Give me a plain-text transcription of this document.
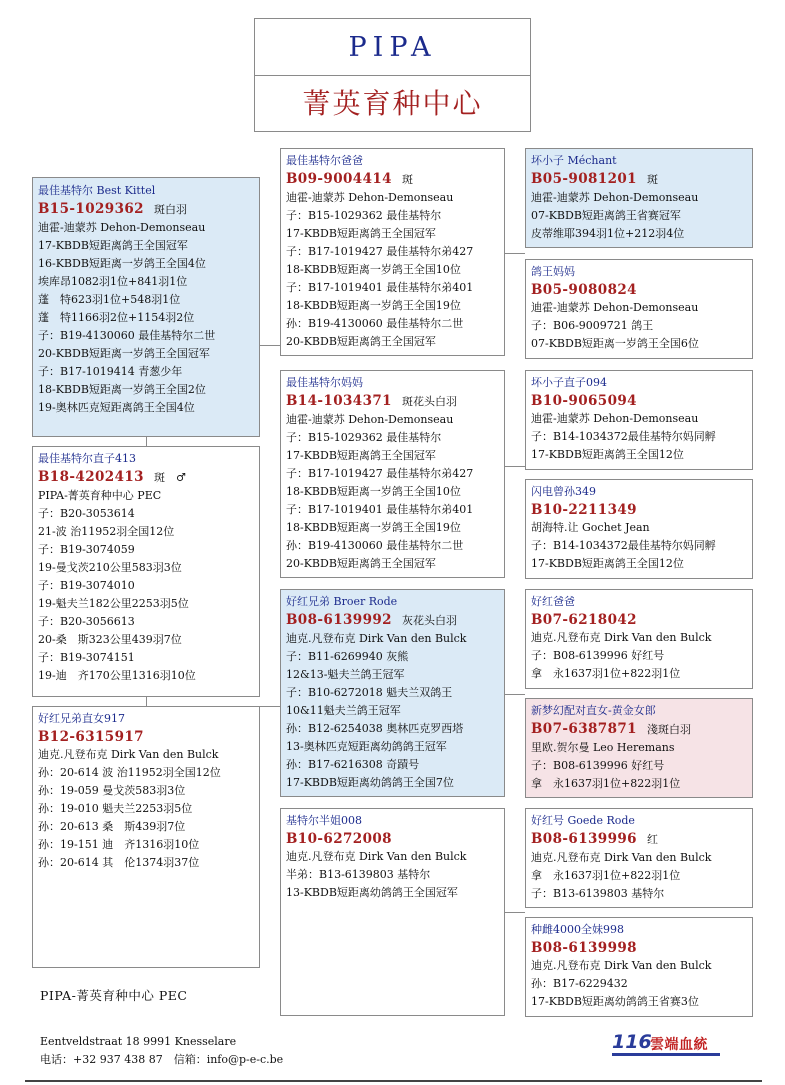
PIPA
菁英育种中心
最佳基特尔 Best Kittel
B15-1029362 斑白羽
迪霍-迪蒙苏 Dehon-Demonseau
17-KBDB短距离鸽王全国冠军
16-KBDB短距离一岁鸽王全国4位
埃库昂1082羽1位+841羽1位
蓬　特623羽1位+548羽1位
蓬　特1166羽2位+1154羽2位
子：B19-4130060 最佳基特尔二世
20-KBDB短距离一岁鸽王全国冠军
子：B17-1019414 青葱少年
18-KBDB短距离一岁鸽王全国2位
19-奥林匹克短距离鸽王全国4位
最佳基特尔直子413
B18-4202413 斑　♂
PIPA-菁英育种中心 PEC
子：B20-3053614
21-波 治11952羽全国12位
子：B19-3074059
19-曼戈茨210公里583羽3位
子：B19-3074010
19-魁夫兰182公里2253羽5位
子：B20-3056613
20-桑　斯323公里439羽7位
子：B19-3074151
19-迪　齐170公里1316羽10位
好红兄弟直女917
B12-6315917
迪克.凡登布克 Dirk Van den Bulck
孙：20-614 波 治11952羽全国12位
孙：19-059 曼戈茨583羽3位
孙：19-010 魁夫兰2253羽5位
孙：20-613 桑　斯439羽7位
孙：19-151 迪　齐1316羽10位
孙：20-614 其　伦1374羽37位
最佳基特尔爸爸
B09-9004414 斑
迪霍-迪蒙苏 Dehon-Demonseau
子：B15-1029362 最佳基特尔
17-KBDB短距离鸽王全国冠军
子：B17-1019427 最佳基特尔弟427
18-KBDB短距离一岁鸽王全国10位
子：B17-1019401 最佳基特尔弟401
18-KBDB短距离一岁鸽王全国19位
孙：B19-4130060 最佳基特尔二世
20-KBDB短距离鸽王全国冠军
最佳基特尔妈妈
B14-1034371 斑花头白羽
迪霍-迪蒙苏 Dehon-Demonseau
子：B15-1029362 最佳基特尔
17-KBDB短距离鸽王全国冠军
子：B17-1019427 最佳基特尔弟427
18-KBDB短距离一岁鸽王全国10位
子：B17-1019401 最佳基特尔弟401
18-KBDB短距离一岁鸽王全国19位
孙：B19-4130060 最佳基特尔二世
20-KBDB短距离鸽王全国冠军
好红兄弟 Broer Rode
B08-6139992 灰花头白羽
迪克.凡登布克 Dirk Van den Bulck
子：B11-6269940 灰熊
12&13-魁夫兰鸽王冠军
子：B10-6272018 魁夫兰双鸽王
10&11魁夫兰鸽王冠军
孙：B12-6254038 奥林匹克罗西塔
13-奥林匹克短距离幼鸽鸽王冠军
孙：B17-6216308 奇蹟号
17-KBDB短距离幼鸽鸽王全国7位
基特尔半姐008
B10-6272008
迪克.凡登布克 Dirk Van den Bulck
半弟：B13-6139803 基特尔
13-KBDB短距离幼鸽鸽王全国冠军
坏小子 Méchant
B05-9081201 斑
迪霍-迪蒙苏 Dehon-Demonseau
07-KBDB短距离鸽王省赛冠军
皮蒂维耶394羽1位+212羽4位
鸽王妈妈
B05-9080824
迪霍-迪蒙苏 Dehon-Demonseau
子：B06-9009721 鸽王
07-KBDB短距离一岁鸽王全国6位
坏小子直子094
B10-9065094
迪霍-迪蒙苏 Dehon-Demonseau
子：B14-1034372最佳基特尔妈同孵
17-KBDB短距离鸽王全国12位
闪电曾孙349
B10-2211349
胡海特.让 Gochet Jean
子：B14-1034372最佳基特尔妈同孵
17-KBDB短距离鸽王全国12位
好红爸爸
B07-6218042
迪克.凡登布克 Dirk Van den Bulck
子：B08-6139996 好红号
拿　永1637羽1位+822羽1位
新梦幻配对直女-黄金女郎
B07-6387871 淺斑白羽
里欧.贺尔曼 Leo Heremans
子：B08-6139996 好红号
拿　永1637羽1位+822羽1位
好红号 Goede Rode
B08-6139996 红
迪克.凡登布克 Dirk Van den Bulck
拿　永1637羽1位+822羽1位
子：B13-6139803 基特尔
种雌4000全妹998
B08-6139998
迪克.凡登布克 Dirk Van den Bulck
孙：B17-6229432
17-KBDB短距离幼鸽鸽王省赛3位
PIPA-菁英育种中心 PEC
Eentveldstraat 18 9991 Knesselare
电话：+32 937 438 87　信箱：info@p-e-c.be
116
雲端血統
